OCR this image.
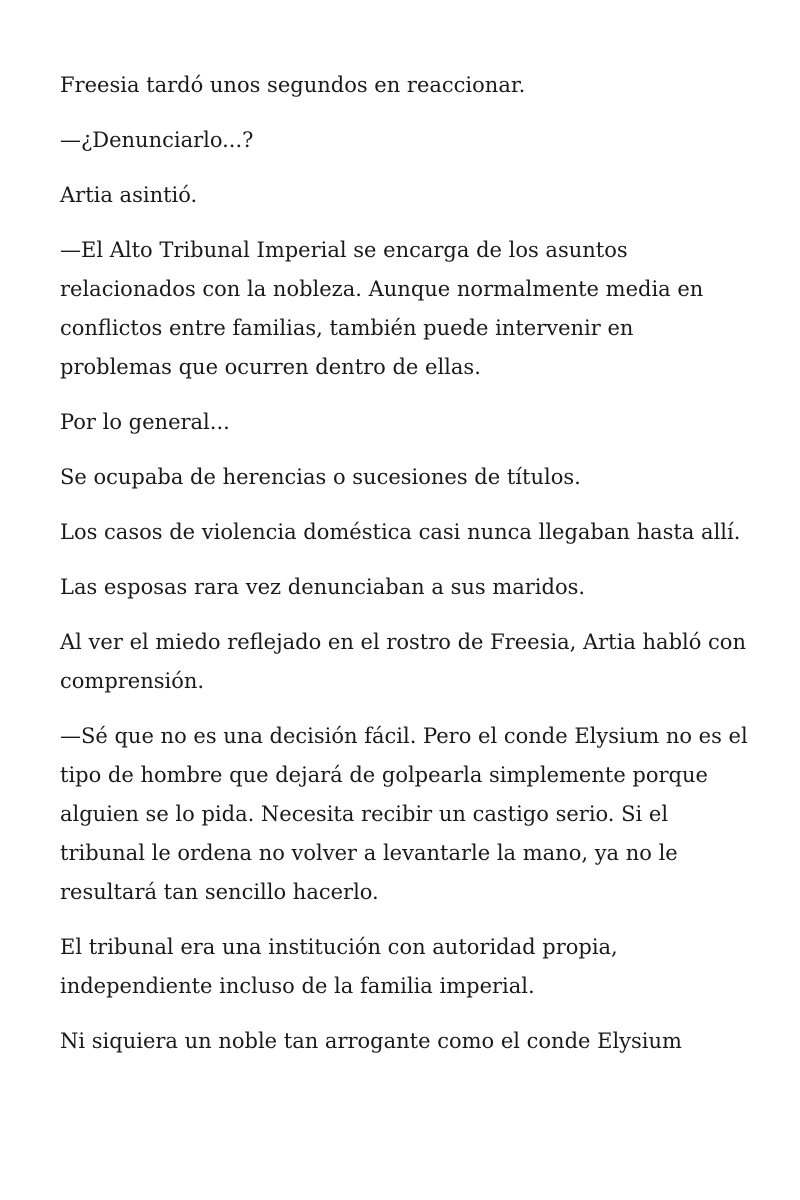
Freesia tardó unos segundos en reaccionar.

—¿Denunciarlo...?

Artia asintió.

—El Alto Tribunal Imperial se encarga de los asuntos relacionados con la nobleza. Aunque normalmente media en conflictos entre familias, también puede intervenir en problemas que ocurren dentro de ellas.

Por lo general...

Se ocupaba de herencias o sucesiones de títulos.

Los casos de violencia doméstica casi nunca llegaban hasta allí.

Las esposas rara vez denunciaban a sus maridos.

Al ver el miedo reflejado en el rostro de Freesia, Artia habló con comprensión.

—Sé que no es una decisión fácil. Pero el conde Elysium no es el tipo de hombre que dejará de golpearla simplemente porque alguien se lo pida. Necesita recibir un castigo serio. Si el tribunal le ordena no volver a levantarle la mano, ya no le resultará tan sencillo hacerlo.

El tribunal era una institución con autoridad propia, independiente incluso de la familia imperial.

Ni siquiera un noble tan arrogante como el conde Elysium
